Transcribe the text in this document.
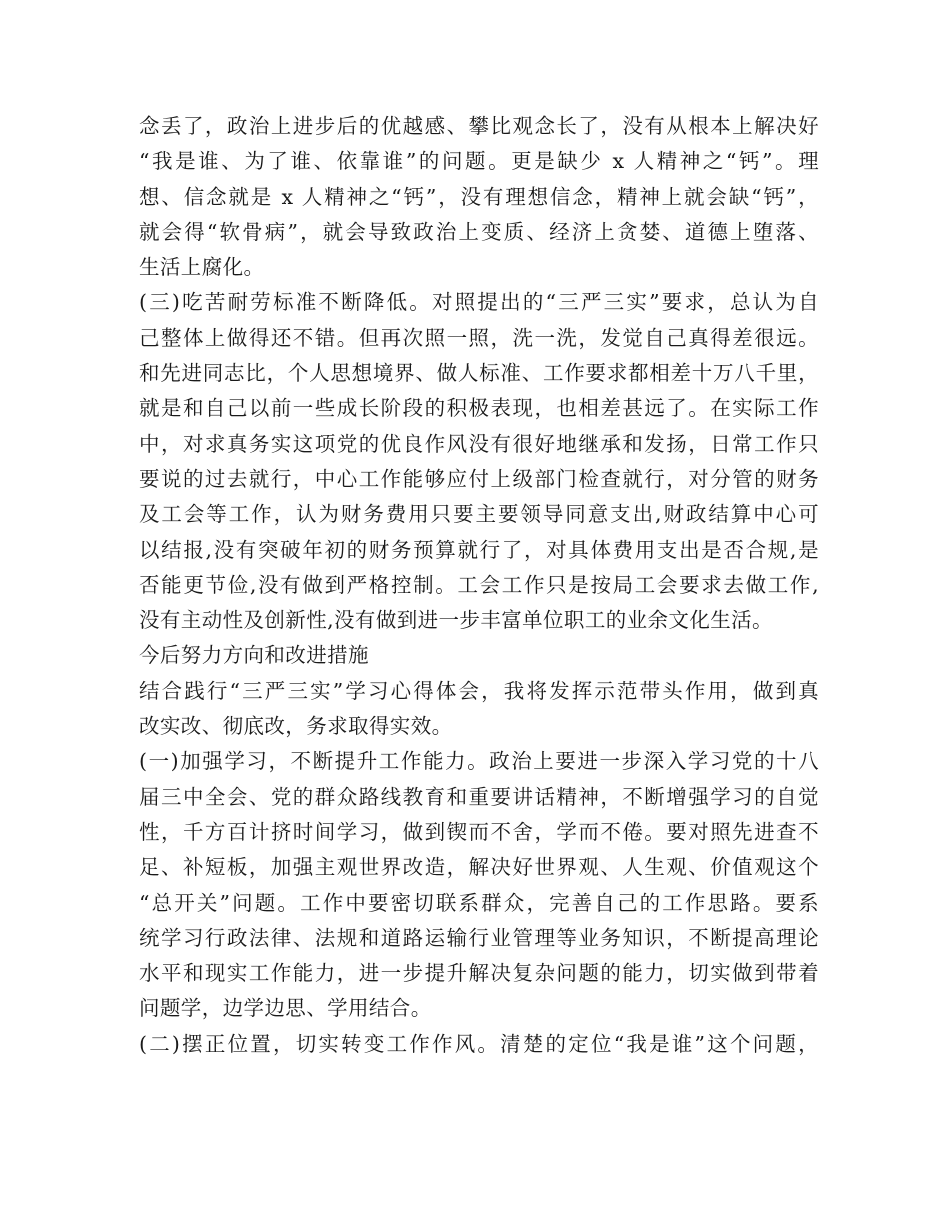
念丢了，政治上进步后的优越感、攀比观念长了，没有从根本上解决好
“我是谁、为了谁、依靠谁”的问题。更是缺少 x 人精神之“钙”。理
想、信念就是 x 人精神之“钙”，没有理想信念，精神上就会缺“钙”，
就会得“软骨病”，就会导致政治上变质、经济上贪婪、道德上堕落、
生活上腐化。
(三)吃苦耐劳标准不断降低。对照提出的“三严三实”要求，总认为自
己整体上做得还不错。但再次照一照，洗一洗，发觉自己真得差很远。
和先进同志比，个人思想境界、做人标准、工作要求都相差十万八千里，
就是和自己以前一些成长阶段的积极表现，也相差甚远了。在实际工作
中，对求真务实这项党的优良作风没有很好地继承和发扬，日常工作只
要说的过去就行，中心工作能够应付上级部门检查就行，对分管的财务
及工会等工作，认为财务费用只要主要领导同意支出,财政结算中心可
以结报,没有突破年初的财务预算就行了，对具体费用支出是否合规,是
否能更节俭,没有做到严格控制。工会工作只是按局工会要求去做工作,
没有主动性及创新性,没有做到进一步丰富单位职工的业余文化生活。
今后努力方向和改进措施
结合践行“三严三实”学习心得体会，我将发挥示范带头作用，做到真
改实改、彻底改，务求取得实效。
(一)加强学习，不断提升工作能力。政治上要进一步深入学习党的十八
届三中全会、党的群众路线教育和重要讲话精神，不断增强学习的自觉
性，千方百计挤时间学习，做到锲而不舍，学而不倦。要对照先进查不
足、补短板，加强主观世界改造，解决好世界观、人生观、价值观这个
“总开关”问题。工作中要密切联系群众，完善自己的工作思路。要系
统学习行政法律、法规和道路运输行业管理等业务知识，不断提高理论
水平和现实工作能力，进一步提升解决复杂问题的能力，切实做到带着
问题学，边学边思、学用结合。
(二)摆正位置，切实转变工作作风。清楚的定位“我是谁”这个问题，
